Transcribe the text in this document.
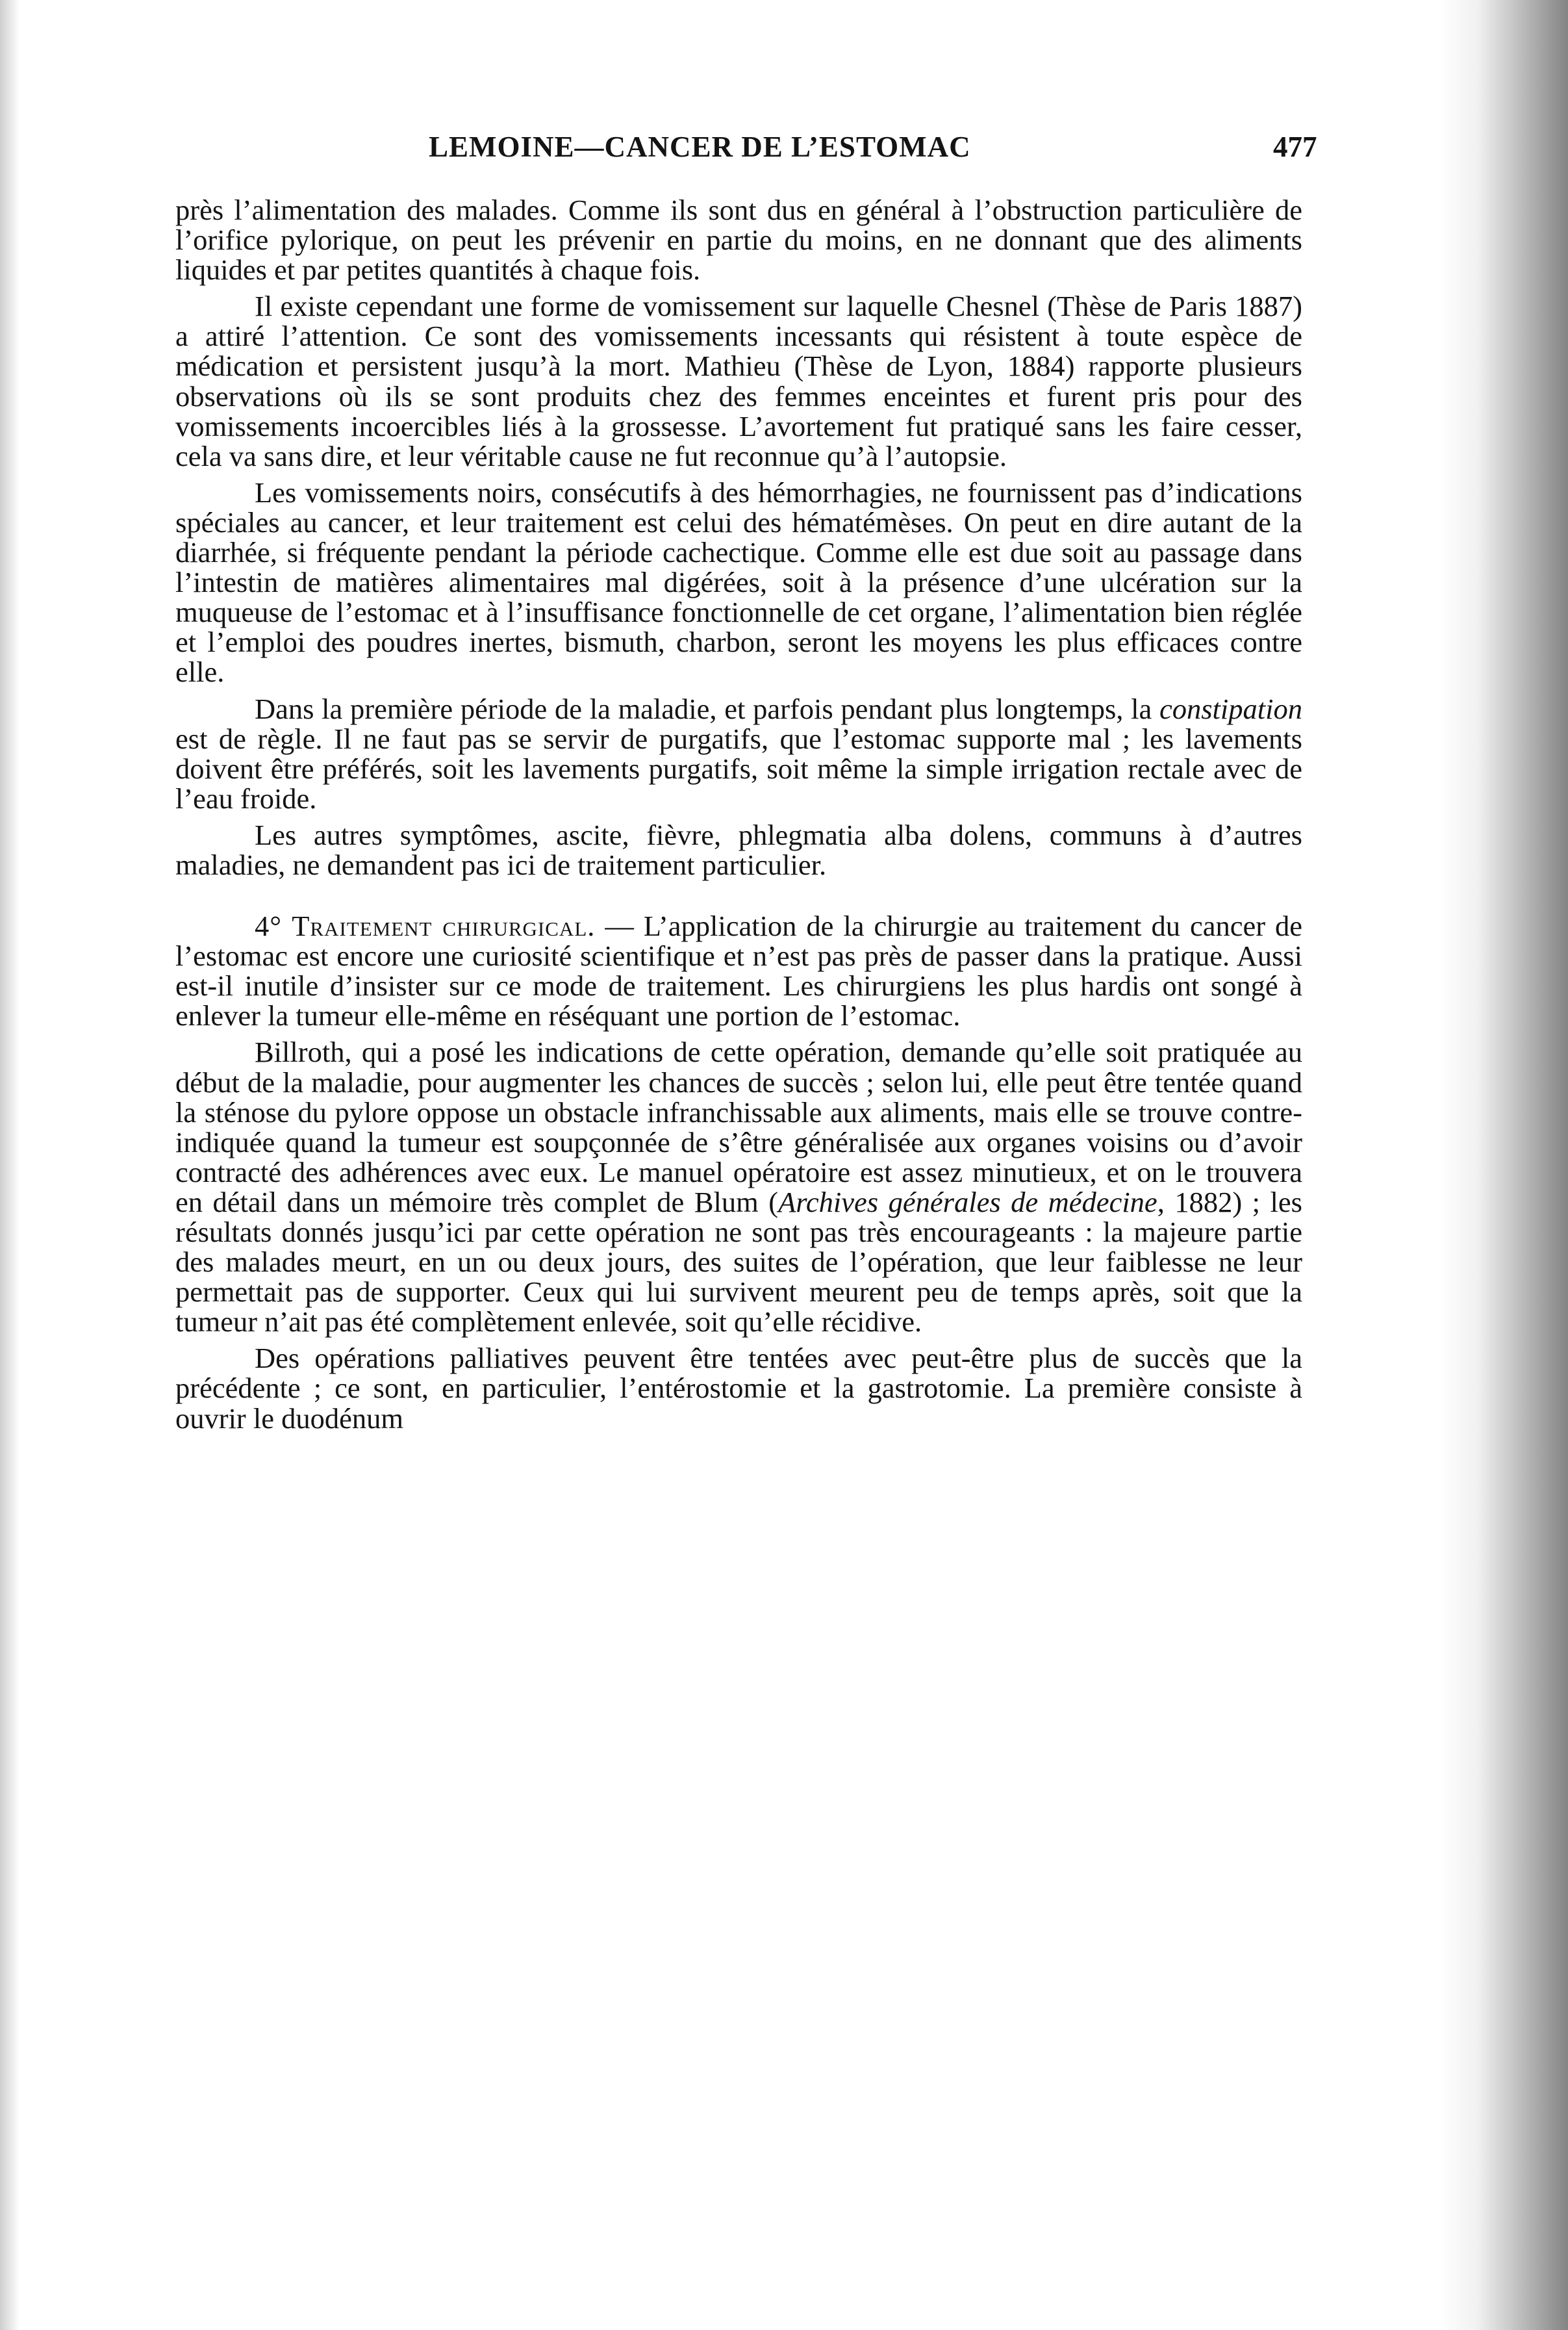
LEMOINE—CANCER DE L’ESTOMAC	477

près l’alimentation des malades. Comme ils sont dus en général à l’obstruction particulière de l’orifice pylorique, on peut les prévenir en partie du moins, en ne donnant que des aliments liquides et par petites quantités à chaque fois.

Il existe cependant une forme de vomissement sur laquelle Chesnel (Thèse de Paris 1887) a attiré l’attention. Ce sont des vomissements incessants qui résistent à toute espèce de médication et persistent jusqu’à la mort. Mathieu (Thèse de Lyon, 1884) rapporte plusieurs observations où ils se sont produits chez des femmes enceintes et furent pris pour des vomissements incoercibles liés à la grossesse. L’avortement fut pratiqué sans les faire cesser, cela va sans dire, et leur véritable cause ne fut reconnue qu’à l’autopsie.

Les vomissements noirs, consécutifs à des hémorrhagies, ne fournissent pas d’indications spéciales au cancer, et leur traitement est celui des hématémèses. On peut en dire autant de la diarrhée, si fréquente pendant la période cachectique. Comme elle est due soit au passage dans l’intestin de matières alimentaires mal digérées, soit à la présence d’une ulcération sur la muqueuse de l’estomac et à l’insuffisance fonctionnelle de cet organe, l’alimentation bien réglée et l’emploi des poudres inertes, bismuth, charbon, seront les moyens les plus efficaces contre elle.

Dans la première période de la maladie, et parfois pendant plus longtemps, la constipation est de règle. Il ne faut pas se servir de purgatifs, que l’estomac supporte mal ; les lavements doivent être préférés, soit les lavements purgatifs, soit même la simple irrigation rectale avec de l’eau froide.

Les autres symptômes, ascite, fièvre, phlegmatia alba dolens, communs à d’autres maladies, ne demandent pas ici de traitement particulier.

4° Traitement chirurgical. — L’application de la chirurgie au traitement du cancer de l’estomac est encore une curiosité scientifique et n’est pas près de passer dans la pratique. Aussi est-il inutile d’insister sur ce mode de traitement. Les chirurgiens les plus hardis ont songé à enlever la tumeur elle-même en réséquant une portion de l’estomac.

Billroth, qui a posé les indications de cette opération, demande qu’elle soit pratiquée au début de la maladie, pour augmenter les chances de succès ; selon lui, elle peut être tentée quand la sténose du pylore oppose un obstacle infranchissable aux aliments, mais elle se trouve contre-indiquée quand la tumeur est soupçonnée de s’être généralisée aux organes voisins ou d’avoir contracté des adhérences avec eux. Le manuel opératoire est assez minutieux, et on le trouvera en détail dans un mémoire très complet de Blum (Archives générales de médecine, 1882) ; les résultats donnés jusqu’ici par cette opération ne sont pas très encourageants : la majeure partie des malades meurt, en un ou deux jours, des suites de l’opération, que leur faiblesse ne leur permettait pas de supporter. Ceux qui lui survivent meurent peu de temps après, soit que la tumeur n’ait pas été complètement enlevée, soit qu’elle récidive.

Des opérations palliatives peuvent être tentées avec peut-être plus de succès que la précédente ; ce sont, en particulier, l’entérostomie et la gastrotomie. La première consiste à ouvrir le duodénum
